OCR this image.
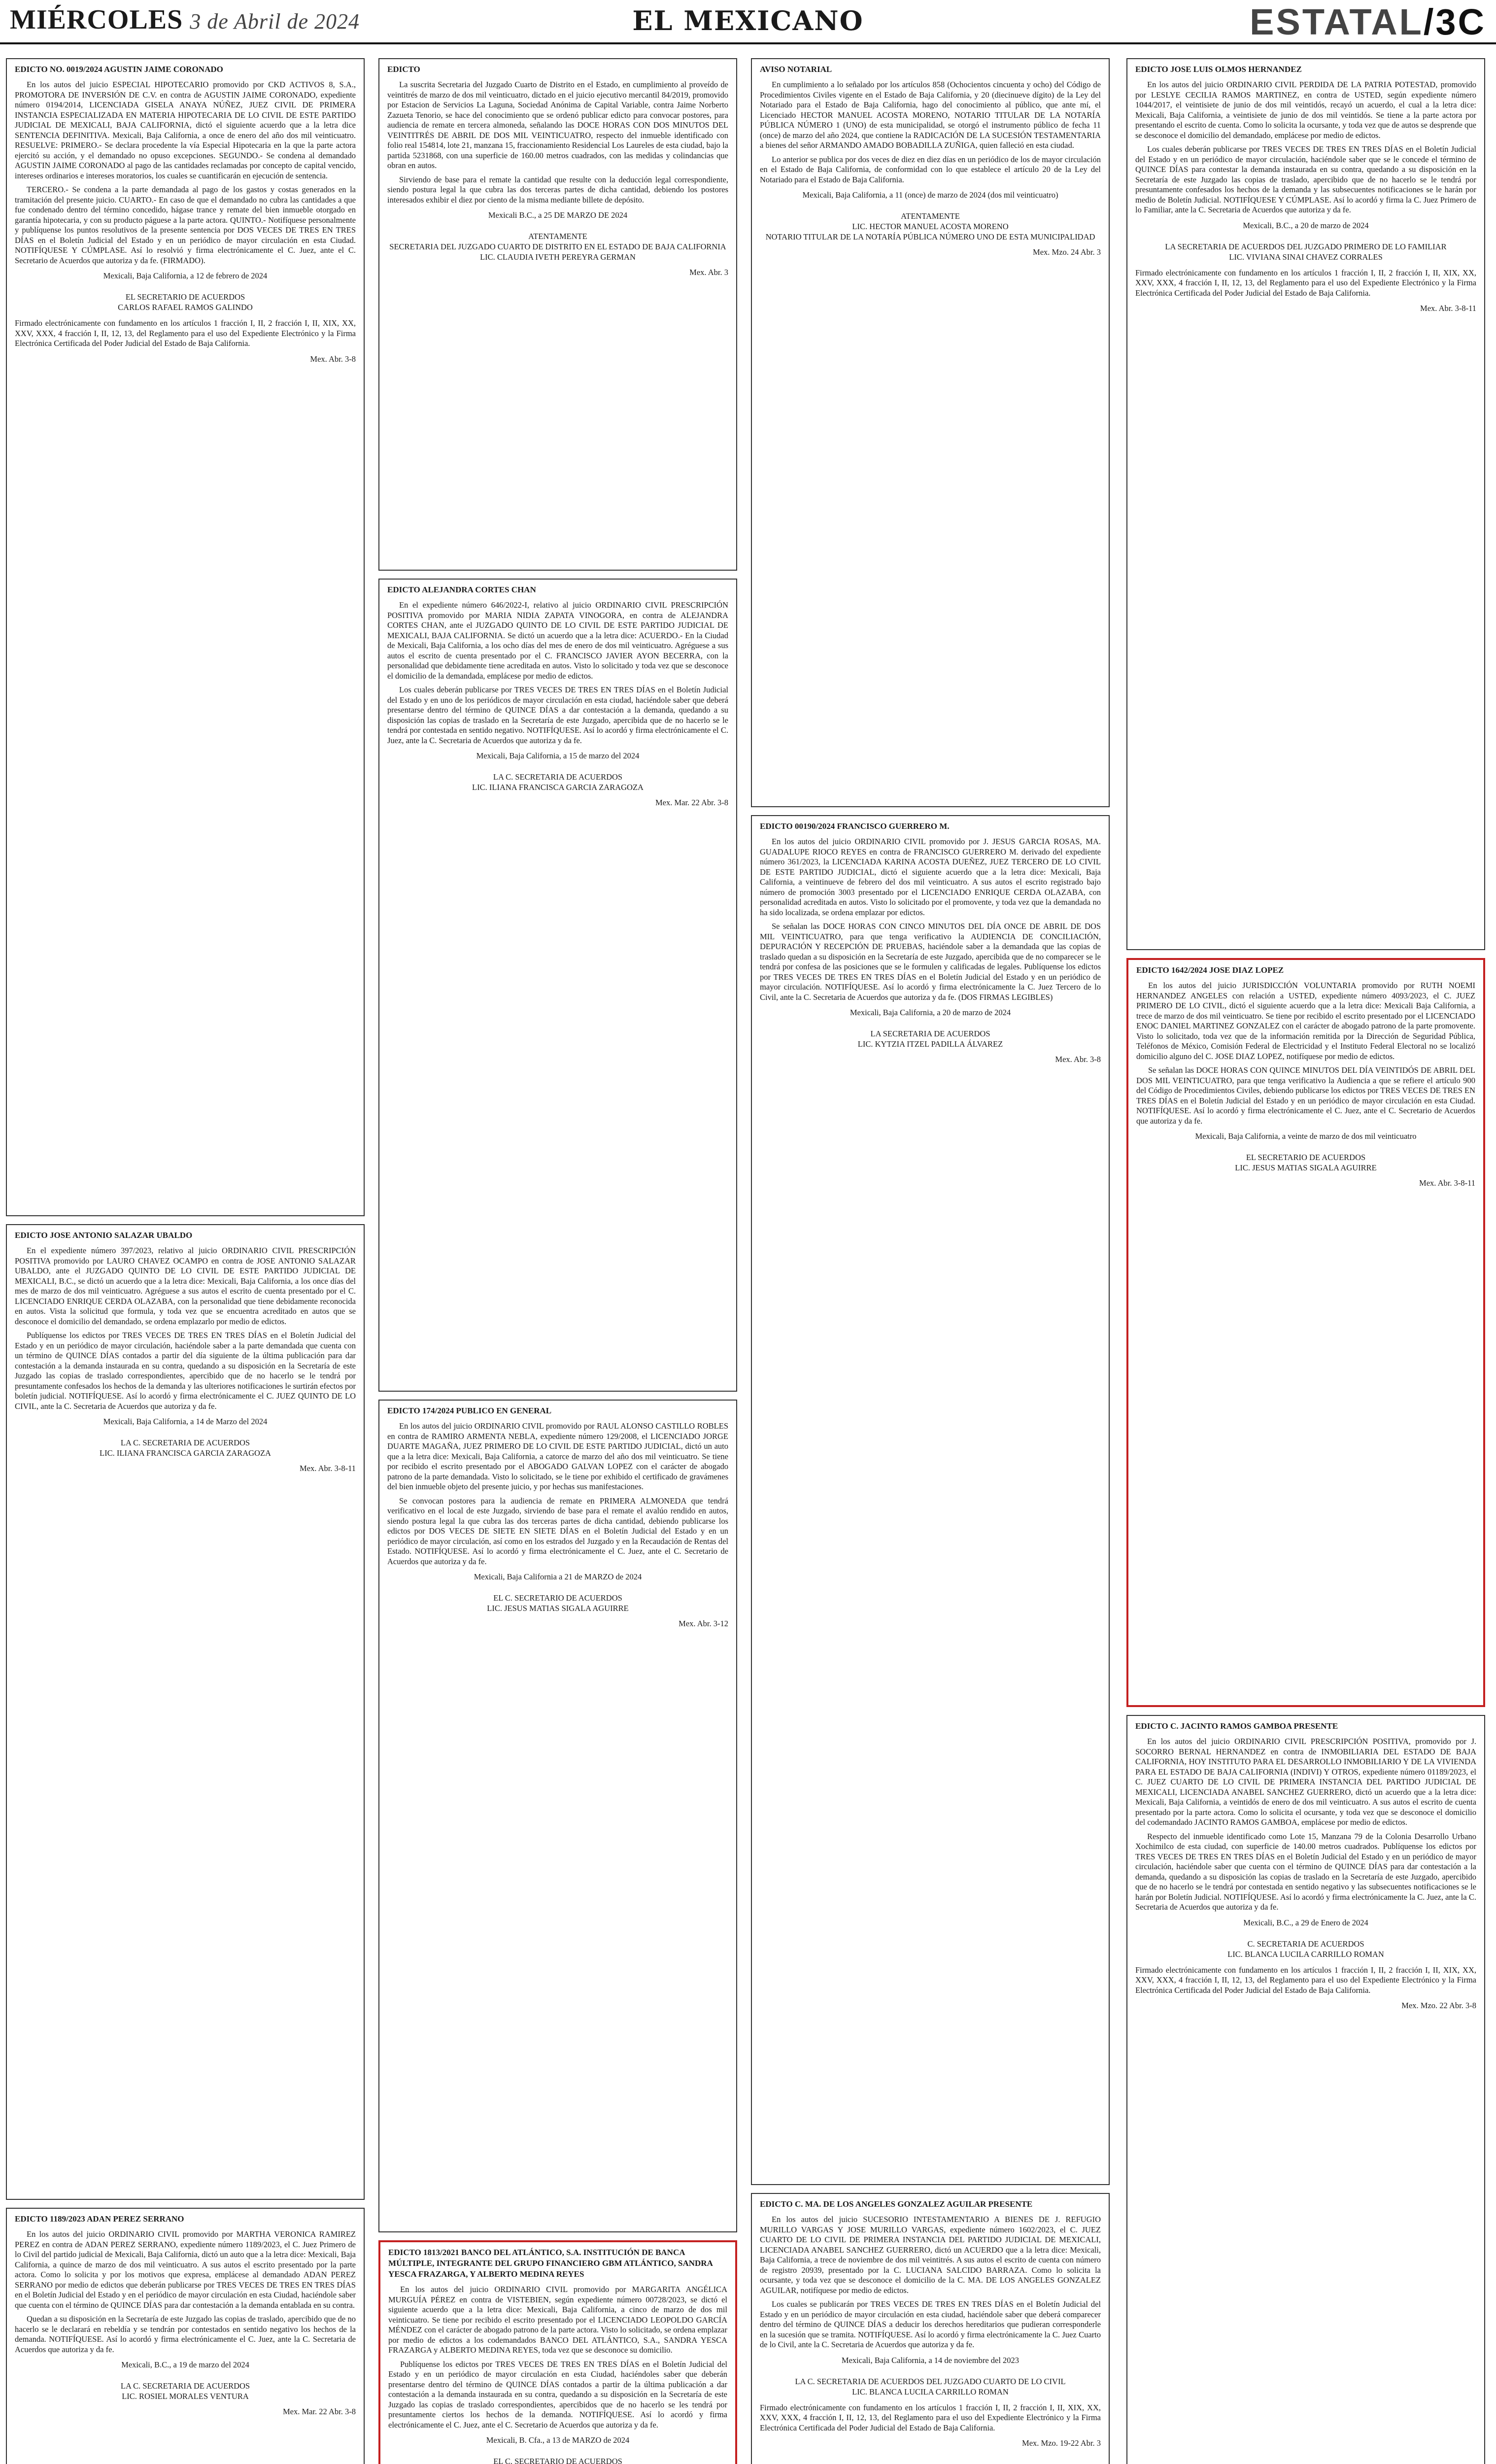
MIÉRCOLES 3 de Abril de 2024	EL MEXICANO	ESTATAL/3C
EDICTO NO. 0019/2024 AGUSTIN JAIME CORONADO

En los autos del juicio ESPECIAL HIPOTECARIO promovido por CKD ACTIVOS 8, S.A., PROMOTORA DE INVERSIÓN DE C.V. en contra de AGUSTIN JAIME CORONADO, expediente número 0194/2014, LICENCIADA GISELA ANAYA NÚÑEZ, JUEZ CIVIL DE PRIMERA INSTANCIA ESPECIALIZADA EN MATERIA HIPOTECARIA DE LO CIVIL DE ESTE PARTIDO JUDICIAL DE MEXICALI, BAJA CALIFORNIA, dictó el siguiente acuerdo que a la letra dice SENTENCIA DEFINITIVA. Mexicali, Baja California, a once de enero del año dos mil veinticuatro. RESUELVE: PRIMERO.- Se declara procedente la vía Especial Hipotecaria en la que la parte actora ejercitó su acción, y el demandado no opuso excepciones. SEGUNDO.- Se condena al demandado AGUSTIN JAIME CORONADO al pago de las cantidades reclamadas por concepto de capital vencido, intereses ordinarios e intereses moratorios, los cuales se cuantificarán en ejecución de sentencia.

TERCERO.- Se condena a la parte demandada al pago de los gastos y costas generados en la tramitación del presente juicio. CUARTO.- En caso de que el demandado no cubra las cantidades a que fue condenado dentro del término concedido, hágase trance y remate del bien inmueble otorgado en garantía hipotecaria, y con su producto páguese a la parte actora. QUINTO.- Notifíquese personalmente y publíquense los puntos resolutivos de la presente sentencia por DOS VECES DE TRES EN TRES DÍAS en el Boletín Judicial del Estado y en un periódico de mayor circulación en esta Ciudad. NOTIFÍQUESE Y CÚMPLASE. Así lo resolvió y firma electrónicamente el C. Juez, ante el C. Secretario de Acuerdos que autoriza y da fe. (FIRMADO).

Mexicali, Baja California, a 12 de febrero de 2024
EL SECRETARIO DE ACUERDOS
CARLOS RAFAEL RAMOS GALINDO
Firmado electrónicamente con fundamento en los artículos 1 fracción I, II, 2 fracción I, II, XIX, XX, XXV, XXX, 4 fracción I, II, 12, 13, del Reglamento para el uso del Expediente Electrónico y la Firma Electrónica Certificada del Poder Judicial del Estado de Baja California.
Mex. Abr. 3-8
EDICTO JOSE ANTONIO SALAZAR UBALDO

En el expediente número 397/2023, relativo al juicio ORDINARIO CIVIL PRESCRIPCIÓN POSITIVA promovido por LAURO CHAVEZ OCAMPO en contra de JOSE ANTONIO SALAZAR UBALDO, ante el JUZGADO QUINTO DE LO CIVIL DE ESTE PARTIDO JUDICIAL DE MEXICALI, B.C., se dictó un acuerdo que a la letra dice: Mexicali, Baja California, a los once días del mes de marzo de dos mil veinticuatro. Agréguese a sus autos el escrito de cuenta presentado por el C. LICENCIADO ENRIQUE CERDA OLAZABA, con la personalidad que tiene debidamente reconocida en autos. Vista la solicitud que formula, y toda vez que se encuentra acreditado en autos que se desconoce el domicilio del demandado, se ordena emplazarlo por medio de edictos.

Publíquense los edictos por TRES VECES DE TRES EN TRES DÍAS en el Boletín Judicial del Estado y en un periódico de mayor circulación, haciéndole saber a la parte demandada que cuenta con un término de QUINCE DÍAS contados a partir del día siguiente de la última publicación para dar contestación a la demanda instaurada en su contra, quedando a su disposición en la Secretaría de este Juzgado las copias de traslado correspondientes, apercibido que de no hacerlo se le tendrá por presuntamente confesados los hechos de la demanda y las ulteriores notificaciones le surtirán efectos por boletín judicial. NOTIFÍQUESE. Así lo acordó y firma electrónicamente el C. JUEZ QUINTO DE LO CIVIL, ante la C. Secretaria de Acuerdos que autoriza y da fe.

Mexicali, Baja California, a 14 de Marzo del 2024
LA C. SECRETARIA DE ACUERDOS
LIC. ILIANA FRANCISCA GARCIA ZARAGOZA
Mex. Abr. 3-8-11
EDICTO 1189/2023 ADAN PEREZ SERRANO

En los autos del juicio ORDINARIO CIVIL promovido por MARTHA VERONICA RAMIREZ PEREZ en contra de ADAN PEREZ SERRANO, expediente número 1189/2023, el C. Juez Primero de lo Civil del partido judicial de Mexicali, Baja California, dictó un auto que a la letra dice: Mexicali, Baja California, a quince de marzo de dos mil veinticuatro. A sus autos el escrito presentado por la parte actora. Como lo solicita y por los motivos que expresa, emplácese al demandado ADAN PEREZ SERRANO por medio de edictos que deberán publicarse por TRES VECES DE TRES EN TRES DÍAS en el Boletín Judicial del Estado y en el periódico de mayor circulación en esta Ciudad, haciéndole saber que cuenta con el término de QUINCE DÍAS para dar contestación a la demanda entablada en su contra.

Quedan a su disposición en la Secretaría de este Juzgado las copias de traslado, apercibido que de no hacerlo se le declarará en rebeldía y se tendrán por contestados en sentido negativo los hechos de la demanda. NOTIFÍQUESE. Así lo acordó y firma electrónicamente el C. Juez, ante la C. Secretaria de Acuerdos que autoriza y da fe.

Mexicali, B.C., a 19 de marzo del 2024
LA C. SECRETARIA DE ACUERDOS
LIC. ROSIEL MORALES VENTURA
Mex. Mar. 22 Abr. 3-8
EDICTO

La suscrita Secretaria del Juzgado Cuarto de Distrito en el Estado, en cumplimiento al proveído de veintitrés de marzo de dos mil veinticuatro, dictado en el juicio ejecutivo mercantil 84/2019, promovido por Estacion de Servicios La Laguna, Sociedad Anónima de Capital Variable, contra Jaime Norberto Zazueta Tenorio, se hace del conocimiento que se ordenó publicar edicto para convocar postores, para audiencia de remate en tercera almoneda, señalando las DOCE HORAS CON DOS MINUTOS DEL VEINTITRÉS DE ABRIL DE DOS MIL VEINTICUATRO, respecto del inmueble identificado con folio real 154814, lote 21, manzana 15, fraccionamiento Residencial Los Laureles de esta ciudad, bajo la partida 5231868, con una superficie de 160.00 metros cuadrados, con las medidas y colindancias que obran en autos.

Sirviendo de base para el remate la cantidad que resulte con la deducción legal correspondiente, siendo postura legal la que cubra las dos terceras partes de dicha cantidad, debiendo los postores interesados exhibir el diez por ciento de la misma mediante billete de depósito.

Mexicali B.C., a 25 DE MARZO DE 2024
ATENTAMENTE
SECRETARIA DEL JUZGADO CUARTO DE DISTRITO EN EL ESTADO DE BAJA CALIFORNIA
LIC. CLAUDIA IVETH PEREYRA GERMAN
Mex. Abr. 3
EDICTO ALEJANDRA CORTES CHAN

En el expediente número 646/2022-I, relativo al juicio ORDINARIO CIVIL PRESCRIPCIÓN POSITIVA promovido por MARIA NIDIA ZAPATA VINOGORA, en contra de ALEJANDRA CORTES CHAN, ante el JUZGADO QUINTO DE LO CIVIL DE ESTE PARTIDO JUDICIAL DE MEXICALI, BAJA CALIFORNIA. Se dictó un acuerdo que a la letra dice: ACUERDO.- En la Ciudad de Mexicali, Baja California, a los ocho días del mes de enero de dos mil veinticuatro. Agréguese a sus autos el escrito de cuenta presentado por el C. FRANCISCO JAVIER AYON BECERRA, con la personalidad que debidamente tiene acreditada en autos. Visto lo solicitado y toda vez que se desconoce el domicilio de la demandada, emplácese por medio de edictos.

Los cuales deberán publicarse por TRES VECES DE TRES EN TRES DÍAS en el Boletín Judicial del Estado y en uno de los periódicos de mayor circulación en esta ciudad, haciéndole saber que deberá presentarse dentro del término de QUINCE DÍAS a dar contestación a la demanda, quedando a su disposición las copias de traslado en la Secretaría de este Juzgado, apercibida que de no hacerlo se le tendrá por contestada en sentido negativo. NOTIFÍQUESE. Así lo acordó y firma electrónicamente el C. Juez, ante la C. Secretaria de Acuerdos que autoriza y da fe.

Mexicali, Baja California, a 15 de marzo del 2024
LA C. SECRETARIA DE ACUERDOS
LIC. ILIANA FRANCISCA GARCIA ZARAGOZA
Mex. Mar. 22 Abr. 3-8
EDICTO 174/2024 PUBLICO EN GENERAL

En los autos del juicio ORDINARIO CIVIL promovido por RAUL ALONSO CASTILLO ROBLES en contra de RAMIRO ARMENTA NEBLA, expediente número 129/2008, el LICENCIADO JORGE DUARTE MAGAÑA, JUEZ PRIMERO DE LO CIVIL DE ESTE PARTIDO JUDICIAL, dictó un auto que a la letra dice: Mexicali, Baja California, a catorce de marzo del año dos mil veinticuatro. Se tiene por recibido el escrito presentado por el ABOGADO GALVAN LOPEZ con el carácter de abogado patrono de la parte demandada. Visto lo solicitado, se le tiene por exhibido el certificado de gravámenes del bien inmueble objeto del presente juicio, y por hechas sus manifestaciones.

Se convocan postores para la audiencia de remate en PRIMERA ALMONEDA que tendrá verificativo en el local de este Juzgado, sirviendo de base para el remate el avalúo rendido en autos, siendo postura legal la que cubra las dos terceras partes de dicha cantidad, debiendo publicarse los edictos por DOS VECES DE SIETE EN SIETE DÍAS en el Boletín Judicial del Estado y en un periódico de mayor circulación, así como en los estrados del Juzgado y en la Recaudación de Rentas del Estado. NOTIFÍQUESE. Así lo acordó y firma electrónicamente el C. Juez, ante el C. Secretario de Acuerdos que autoriza y da fe.

Mexicali, Baja California a 21 de MARZO de 2024
EL C. SECRETARIO DE ACUERDOS
LIC. JESUS MATIAS SIGALA AGUIRRE
Mex. Abr. 3-12
EDICTO 1813/2021 BANCO DEL ATLÁNTICO, S.A. INSTITUCIÓN DE BANCA MÚLTIPLE, INTEGRANTE DEL GRUPO FINANCIERO GBM ATLÁNTICO, SANDRA YESCA FRAZARGA, Y ALBERTO MEDINA REYES

En los autos del juicio ORDINARIO CIVIL promovido por MARGARITA ANGÉLICA MURGUÍA PÉREZ en contra de VISTEBIEN, según expediente número 00728/2023, se dictó el siguiente acuerdo que a la letra dice: Mexicali, Baja California, a cinco de marzo de dos mil veinticuatro. Se tiene por recibido el escrito presentado por el LICENCIADO LEOPOLDO GARCÍA MÉNDEZ con el carácter de abogado patrono de la parte actora. Visto lo solicitado, se ordena emplazar por medio de edictos a los codemandados BANCO DEL ATLÁNTICO, S.A., SANDRA YESCA FRAZARGA y ALBERTO MEDINA REYES, toda vez que se desconoce su domicilio.

Publíquense los edictos por TRES VECES DE TRES EN TRES DÍAS en el Boletín Judicial del Estado y en un periódico de mayor circulación en esta Ciudad, haciéndoles saber que deberán presentarse dentro del término de QUINCE DÍAS contados a partir de la última publicación a dar contestación a la demanda instaurada en su contra, quedando a su disposición en la Secretaría de este Juzgado las copias de traslado correspondientes, apercibidos que de no hacerlo se les tendrá por presuntamente ciertos los hechos de la demanda. NOTIFÍQUESE. Así lo acordó y firma electrónicamente el C. Juez, ante el C. Secretario de Acuerdos que autoriza y da fe.

Mexicali, B. Cfa., a 13 de MARZO de 2024
EL C. SECRETARIO DE ACUERDOS
AVISO NOTARIAL

En cumplimiento a lo señalado por los artículos 858 (Ochocientos cincuenta y ocho) del Código de Procedimientos Civiles vigente en el Estado de Baja California, y 20 (diecinueve dígito) de la Ley del Notariado para el Estado de Baja California, hago del conocimiento al público, que ante mí, el Licenciado HECTOR MANUEL ACOSTA MORENO, NOTARIO TITULAR DE LA NOTARÍA PÚBLICA NÚMERO 1 (UNO) de esta municipalidad, se otorgó el instrumento público de fecha 11 (once) de marzo del año 2024, que contiene la RADICACIÓN DE LA SUCESIÓN TESTAMENTARIA a bienes del señor ARMANDO AMADO BOBADILLA ZUÑIGA, quien falleció en esta ciudad.

Lo anterior se publica por dos veces de diez en diez días en un periódico de los de mayor circulación en el Estado de Baja California, de conformidad con lo que establece el artículo 20 de la Ley del Notariado para el Estado de Baja California.

Mexicali, Baja California, a 11 (once) de marzo de 2024 (dos mil veinticuatro)
ATENTAMENTE
LIC. HECTOR MANUEL ACOSTA MORENO
NOTARIO TITULAR DE LA NOTARÍA PÚBLICA NÚMERO UNO DE ESTA MUNICIPALIDAD
Mex. Mzo. 24 Abr. 3
EDICTO 00190/2024 FRANCISCO GUERRERO M.

En los autos del juicio ORDINARIO CIVIL promovido por J. JESUS GARCIA ROSAS, MA. GUADALUPE RIOCO REYES en contra de FRANCISCO GUERRERO M. derivado del expediente número 361/2023, la LICENCIADA KARINA ACOSTA DUEÑEZ, JUEZ TERCERO DE LO CIVIL DE ESTE PARTIDO JUDICIAL, dictó el siguiente acuerdo que a la letra dice: Mexicali, Baja California, a veintinueve de febrero del dos mil veinticuatro. A sus autos el escrito registrado bajo número de promoción 3003 presentado por el LICENCIADO ENRIQUE CERDA OLAZABA, con personalidad acreditada en autos. Visto lo solicitado por el promovente, y toda vez que la demandada no ha sido localizada, se ordena emplazar por edictos.

Se señalan las DOCE HORAS CON CINCO MINUTOS DEL DÍA ONCE DE ABRIL DE DOS MIL VEINTICUATRO, para que tenga verificativo la AUDIENCIA DE CONCILIACIÓN, DEPURACIÓN Y RECEPCIÓN DE PRUEBAS, haciéndole saber a la demandada que las copias de traslado quedan a su disposición en la Secretaría de este Juzgado, apercibida que de no comparecer se le tendrá por confesa de las posiciones que se le formulen y calificadas de legales. Publíquense los edictos por TRES VECES DE TRES EN TRES DÍAS en el Boletín Judicial del Estado y en un periódico de mayor circulación. NOTIFÍQUESE. Así lo acordó y firma electrónicamente la C. Juez Tercero de lo Civil, ante la C. Secretaria de Acuerdos que autoriza y da fe. (DOS FIRMAS LEGIBLES)

Mexicali, Baja California, a 20 de marzo de 2024
LA SECRETARIA DE ACUERDOS
LIC. KYTZIA ITZEL PADILLA ÁLVAREZ
Mex. Abr. 3-8
EDICTO C. MA. DE LOS ANGELES GONZALEZ AGUILAR PRESENTE

En los autos del juicio SUCESORIO INTESTAMENTARIO A BIENES DE J. REFUGIO MURILLO VARGAS Y JOSE MURILLO VARGAS, expediente número 1602/2023, el C. JUEZ CUARTO DE LO CIVIL DE PRIMERA INSTANCIA DEL PARTIDO JUDICIAL DE MEXICALI, LICENCIADA ANABEL SANCHEZ GUERRERO, dictó un ACUERDO que a la letra dice: Mexicali, Baja California, a trece de noviembre de dos mil veintitrés. A sus autos el escrito de cuenta con número de registro 20939, presentado por la C. LUCIANA SALCIDO BARRAZA. Como lo solicita la ocursante, y toda vez que se desconoce el domicilio de la C. MA. DE LOS ANGELES GONZALEZ AGUILAR, notifíquese por medio de edictos.

Los cuales se publicarán por TRES VECES DE TRES EN TRES DÍAS en el Boletín Judicial del Estado y en un periódico de mayor circulación en esta ciudad, haciéndole saber que deberá comparecer dentro del término de QUINCE DÍAS a deducir los derechos hereditarios que pudieran corresponderle en la sucesión que se tramita. NOTIFÍQUESE. Así lo acordó y firma electrónicamente la C. Juez Cuarto de lo Civil, ante la C. Secretaria de Acuerdos que autoriza y da fe.

Mexicali, Baja California, a 14 de noviembre del 2023
LA C. SECRETARIA DE ACUERDOS DEL JUZGADO CUARTO DE LO CIVIL
LIC. BLANCA LUCILA CARRILLO ROMAN
Firmado electrónicamente con fundamento en los artículos 1 fracción I, II, 2 fracción I, II, XIX, XX, XXV, XXX, 4 fracción I, II, 12, 13, del Reglamento para el uso del Expediente Electrónico y la Firma Electrónica Certificada del Poder Judicial del Estado de Baja California.
Mex. Mzo. 19-22 Abr. 3
EDICTO JOSE LUIS OLMOS HERNANDEZ

En los autos del juicio ORDINARIO CIVIL PERDIDA DE LA PATRIA POTESTAD, promovido por LESLYE CECILIA RAMOS MARTINEZ, en contra de USTED, según expediente número 1044/2017, el veintisiete de junio de dos mil veintidós, recayó un acuerdo, el cual a la letra dice: Mexicali, Baja California, a veintisiete de junio de dos mil veintidós. Se tiene a la parte actora por presentando el escrito de cuenta. Como lo solicita la ocursante, y toda vez que de autos se desprende que se desconoce el domicilio del demandado, emplácese por medio de edictos.

Los cuales deberán publicarse por TRES VECES DE TRES EN TRES DÍAS en el Boletín Judicial del Estado y en un periódico de mayor circulación, haciéndole saber que se le concede el término de QUINCE DÍAS para contestar la demanda instaurada en su contra, quedando a su disposición en la Secretaría de este Juzgado las copias de traslado, apercibido que de no hacerlo se le tendrá por presuntamente confesados los hechos de la demanda y las subsecuentes notificaciones se le harán por medio de Boletín Judicial. NOTIFÍQUESE Y CÚMPLASE. Así lo acordó y firma la C. Juez Primero de lo Familiar, ante la C. Secretaria de Acuerdos que autoriza y da fe.

Mexicali, B.C., a 20 de marzo de 2024
LA SECRETARIA DE ACUERDOS DEL JUZGADO PRIMERO DE LO FAMILIAR
LIC. VIVIANA SINAI CHAVEZ CORRALES
Firmado electrónicamente con fundamento en los artículos 1 fracción I, II, 2 fracción I, II, XIX, XX, XXV, XXX, 4 fracción I, II, 12, 13, del Reglamento para el uso del Expediente Electrónico y la Firma Electrónica Certificada del Poder Judicial del Estado de Baja California.
Mex. Abr. 3-8-11
EDICTO 1642/2024 JOSE DIAZ LOPEZ

En los autos del juicio JURISDICCIÓN VOLUNTARIA promovido por RUTH NOEMI HERNANDEZ ANGELES con relación a USTED, expediente número 4093/2023, el C. JUEZ PRIMERO DE LO CIVIL, dictó el siguiente acuerdo que a la letra dice: Mexicali Baja California, a trece de marzo de dos mil veinticuatro. Se tiene por recibido el escrito presentado por el LICENCIADO ENOC DANIEL MARTINEZ GONZALEZ con el carácter de abogado patrono de la parte promovente. Visto lo solicitado, toda vez que de la información remitida por la Dirección de Seguridad Pública, Teléfonos de México, Comisión Federal de Electricidad y el Instituto Federal Electoral no se localizó domicilio alguno del C. JOSE DIAZ LOPEZ, notifíquese por medio de edictos.

Se señalan las DOCE HORAS CON QUINCE MINUTOS DEL DÍA VEINTIDÓS DE ABRIL DEL DOS MIL VEINTICUATRO, para que tenga verificativo la Audiencia a que se refiere el artículo 900 del Código de Procedimientos Civiles, debiendo publicarse los edictos por TRES VECES DE TRES EN TRES DÍAS en el Boletín Judicial del Estado y en un periódico de mayor circulación en esta Ciudad. NOTIFÍQUESE. Así lo acordó y firma electrónicamente el C. Juez, ante el C. Secretario de Acuerdos que autoriza y da fe.

Mexicali, Baja California, a veinte de marzo de dos mil veinticuatro
EL SECRETARIO DE ACUERDOS
LIC. JESUS MATIAS SIGALA AGUIRRE
Mex. Abr. 3-8-11
EDICTO C. JACINTO RAMOS GAMBOA PRESENTE

En los autos del juicio ORDINARIO CIVIL PRESCRIPCIÓN POSITIVA, promovido por J. SOCORRO BERNAL HERNANDEZ en contra de INMOBILIARIA DEL ESTADO DE BAJA CALIFORNIA, HOY INSTITUTO PARA EL DESARROLLO INMOBILIARIO Y DE LA VIVIENDA PARA EL ESTADO DE BAJA CALIFORNIA (INDIVI) Y OTROS, expediente número 01189/2023, el C. JUEZ CUARTO DE LO CIVIL DE PRIMERA INSTANCIA DEL PARTIDO JUDICIAL DE MEXICALI, LICENCIADA ANABEL SANCHEZ GUERRERO, dictó un acuerdo que a la letra dice: Mexicali, Baja California, a veintidós de enero de dos mil veinticuatro. A sus autos el escrito de cuenta presentado por la parte actora. Como lo solicita el ocursante, y toda vez que se desconoce el domicilio del codemandado JACINTO RAMOS GAMBOA, emplácese por medio de edictos.

Respecto del inmueble identificado como Lote 15, Manzana 79 de la Colonia Desarrollo Urbano Xochimilco de esta ciudad, con superficie de 140.00 metros cuadrados. Publíquense los edictos por TRES VECES DE TRES EN TRES DÍAS en el Boletín Judicial del Estado y en un periódico de mayor circulación, haciéndole saber que cuenta con el término de QUINCE DÍAS para dar contestación a la demanda, quedando a su disposición las copias de traslado en la Secretaría de este Juzgado, apercibido que de no hacerlo se le tendrá por contestada en sentido negativo y las subsecuentes notificaciones se le harán por Boletín Judicial. NOTIFÍQUESE. Así lo acordó y firma electrónicamente la C. Juez, ante la C. Secretaria de Acuerdos que autoriza y da fe.

Mexicali, B.C., a 29 de Enero de 2024
C. SECRETARIA DE ACUERDOS
LIC. BLANCA LUCILA CARRILLO ROMAN
Firmado electrónicamente con fundamento en los artículos 1 fracción I, II, 2 fracción I, II, XIX, XX, XXV, XXX, 4 fracción I, II, 12, 13, del Reglamento para el uso del Expediente Electrónico y la Firma Electrónica Certificada del Poder Judicial del Estado de Baja California.
Mex. Mzo. 22 Abr. 3-8
